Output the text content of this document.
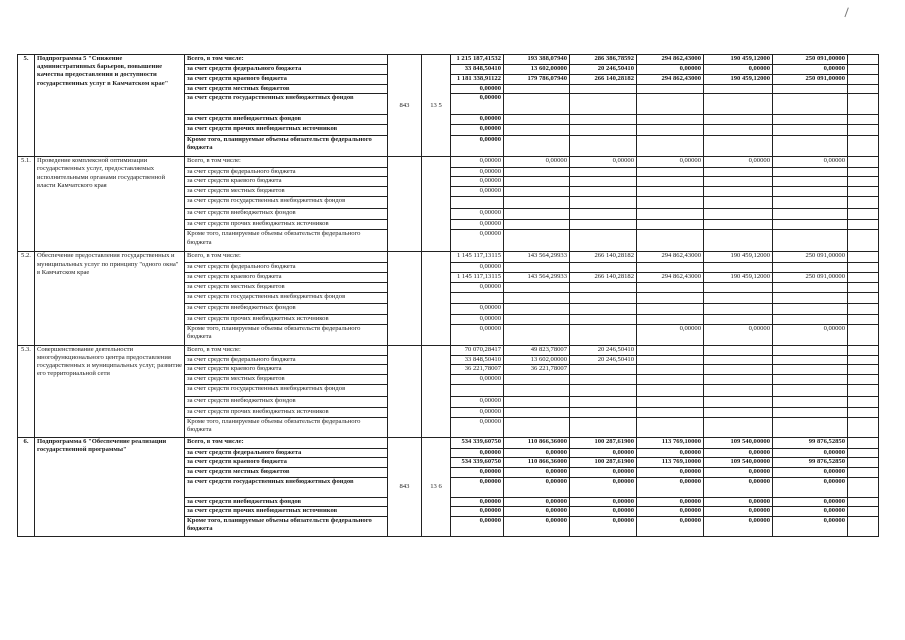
5.	Подпрограмма 5 "Снижение административных барьеров, повышение качества предоставления и доступности государственных услуг в Камчатском крае"	Всего, в том числе:	843	13 5	1 215 187,41532	193 388,07940	286 386,78592	294 862,43000	190 459,12000	250 091,00000	
		за счет средств федерального бюджета			33 848,50410	13 602,00000	20 246,50410	0,00000	0,00000	0,00000	
		за счет средств краевого бюджета			1 181 338,91122	179 786,07940	266 140,28182	294 862,43000	190 459,12000	250 091,00000	
		за счет средств местных бюджетов			0,00000						
		за счет средств государственных внебюджетных фондов			0,00000						
		за счет средств внебюджетных фондов			0,00000						
		за счет средств прочих внебюджетных источников			0,00000						
		Кроме того, планируемые объемы обязательств федерального бюджета			0,00000						
5.1.	Проведение комплексной оптимизации государственных услуг, предоставляемых исполнительными органами государственной власти Камчатского края	Всего, в том числе:			0,00000	0,00000	0,00000	0,00000	0,00000	0,00000	
		за счет средств федерального бюджета			0,00000						
		за счет средств краевого бюджета			0,00000						
		за счет средств местных бюджетов			0,00000						
		за счет средств государственных внебюджетных фондов									
		за счет средств внебюджетных фондов			0,00000						
		за счет средств прочих внебюджетных источников			0,00000						
		Кроме того, планируемые объемы обязательств федерального бюджета			0,00000						
5.2.	Обеспечение предоставления государственных и муниципальных услуг по принципу "одного окна" в Камчатском крае	Всего, в том числе:			1 145 117,13115	143 564,29933	266 140,28182	294 862,43000	190 459,12000	250 091,00000	
		за счет средств федерального бюджета			0,00000						
		за счет средств краевого бюджета			1 145 117,13115	143 564,29933	266 140,28182	294 862,43000	190 459,12000	250 091,00000	
		за счет средств местных бюджетов			0,00000						
		за счет средств государственных внебюджетных фондов									
		за счет средств внебюджетных фондов			0,00000						
		за счет средств прочих внебюджетных источников			0,00000						
		Кроме того, планируемые объемы обязательств федерального бюджета			0,00000			0,00000	0,00000	0,00000	
5.3.	Совершенствование деятельности многофункционального центра предоставления государственных и муниципальных услуг, развитие его территориальной сети	Всего, в том числе:			70 070,28417	49 823,78007	20 246,50410				
		за счет средств федерального бюджета			33 848,50410	13 602,00000	20 246,50410				
		за счет средств краевого бюджета			36 221,78007	36 221,78007					
		за счет средств местных бюджетов			0,00000						
		за счет средств государственных внебюджетных фондов									
		за счет средств внебюджетных фондов			0,00000						
		за счет средств прочих внебюджетных источников			0,00000						
		Кроме того, планируемые объемы обязательств федерального бюджета			0,00000						
6.	Подпрограмма 6 "Обеспечение реализации государственной программы"	Всего, в том числе:	843	13 6	534 339,60750	110 866,36000	100 287,61900	113 769,10000	109 540,00000	99 876,52850	
		за счет средств федерального бюджета			0,00000	0,00000	0,00000	0,00000	0,00000	0,00000	
		за счет средств краевого бюджета			534 339,60750	110 866,36000	100 287,61900	113 769,10000	109 540,00000	99 876,52850	
		за счет средств местных бюджетов			0,00000	0,00000	0,00000	0,00000	0,00000	0,00000	
		за счет средств государственных внебюджетных фондов			0,00000	0,00000	0,00000	0,00000	0,00000	0,00000	
		за счет средств внебюджетных фондов			0,00000	0,00000	0,00000	0,00000	0,00000	0,00000	
		за счет средств прочих внебюджетных источников			0,00000	0,00000	0,00000	0,00000	0,00000	0,00000	
		Кроме того, планируемые объемы обязательств федерального бюджета			0,00000	0,00000	0,00000	0,00000	0,00000	0,00000	
